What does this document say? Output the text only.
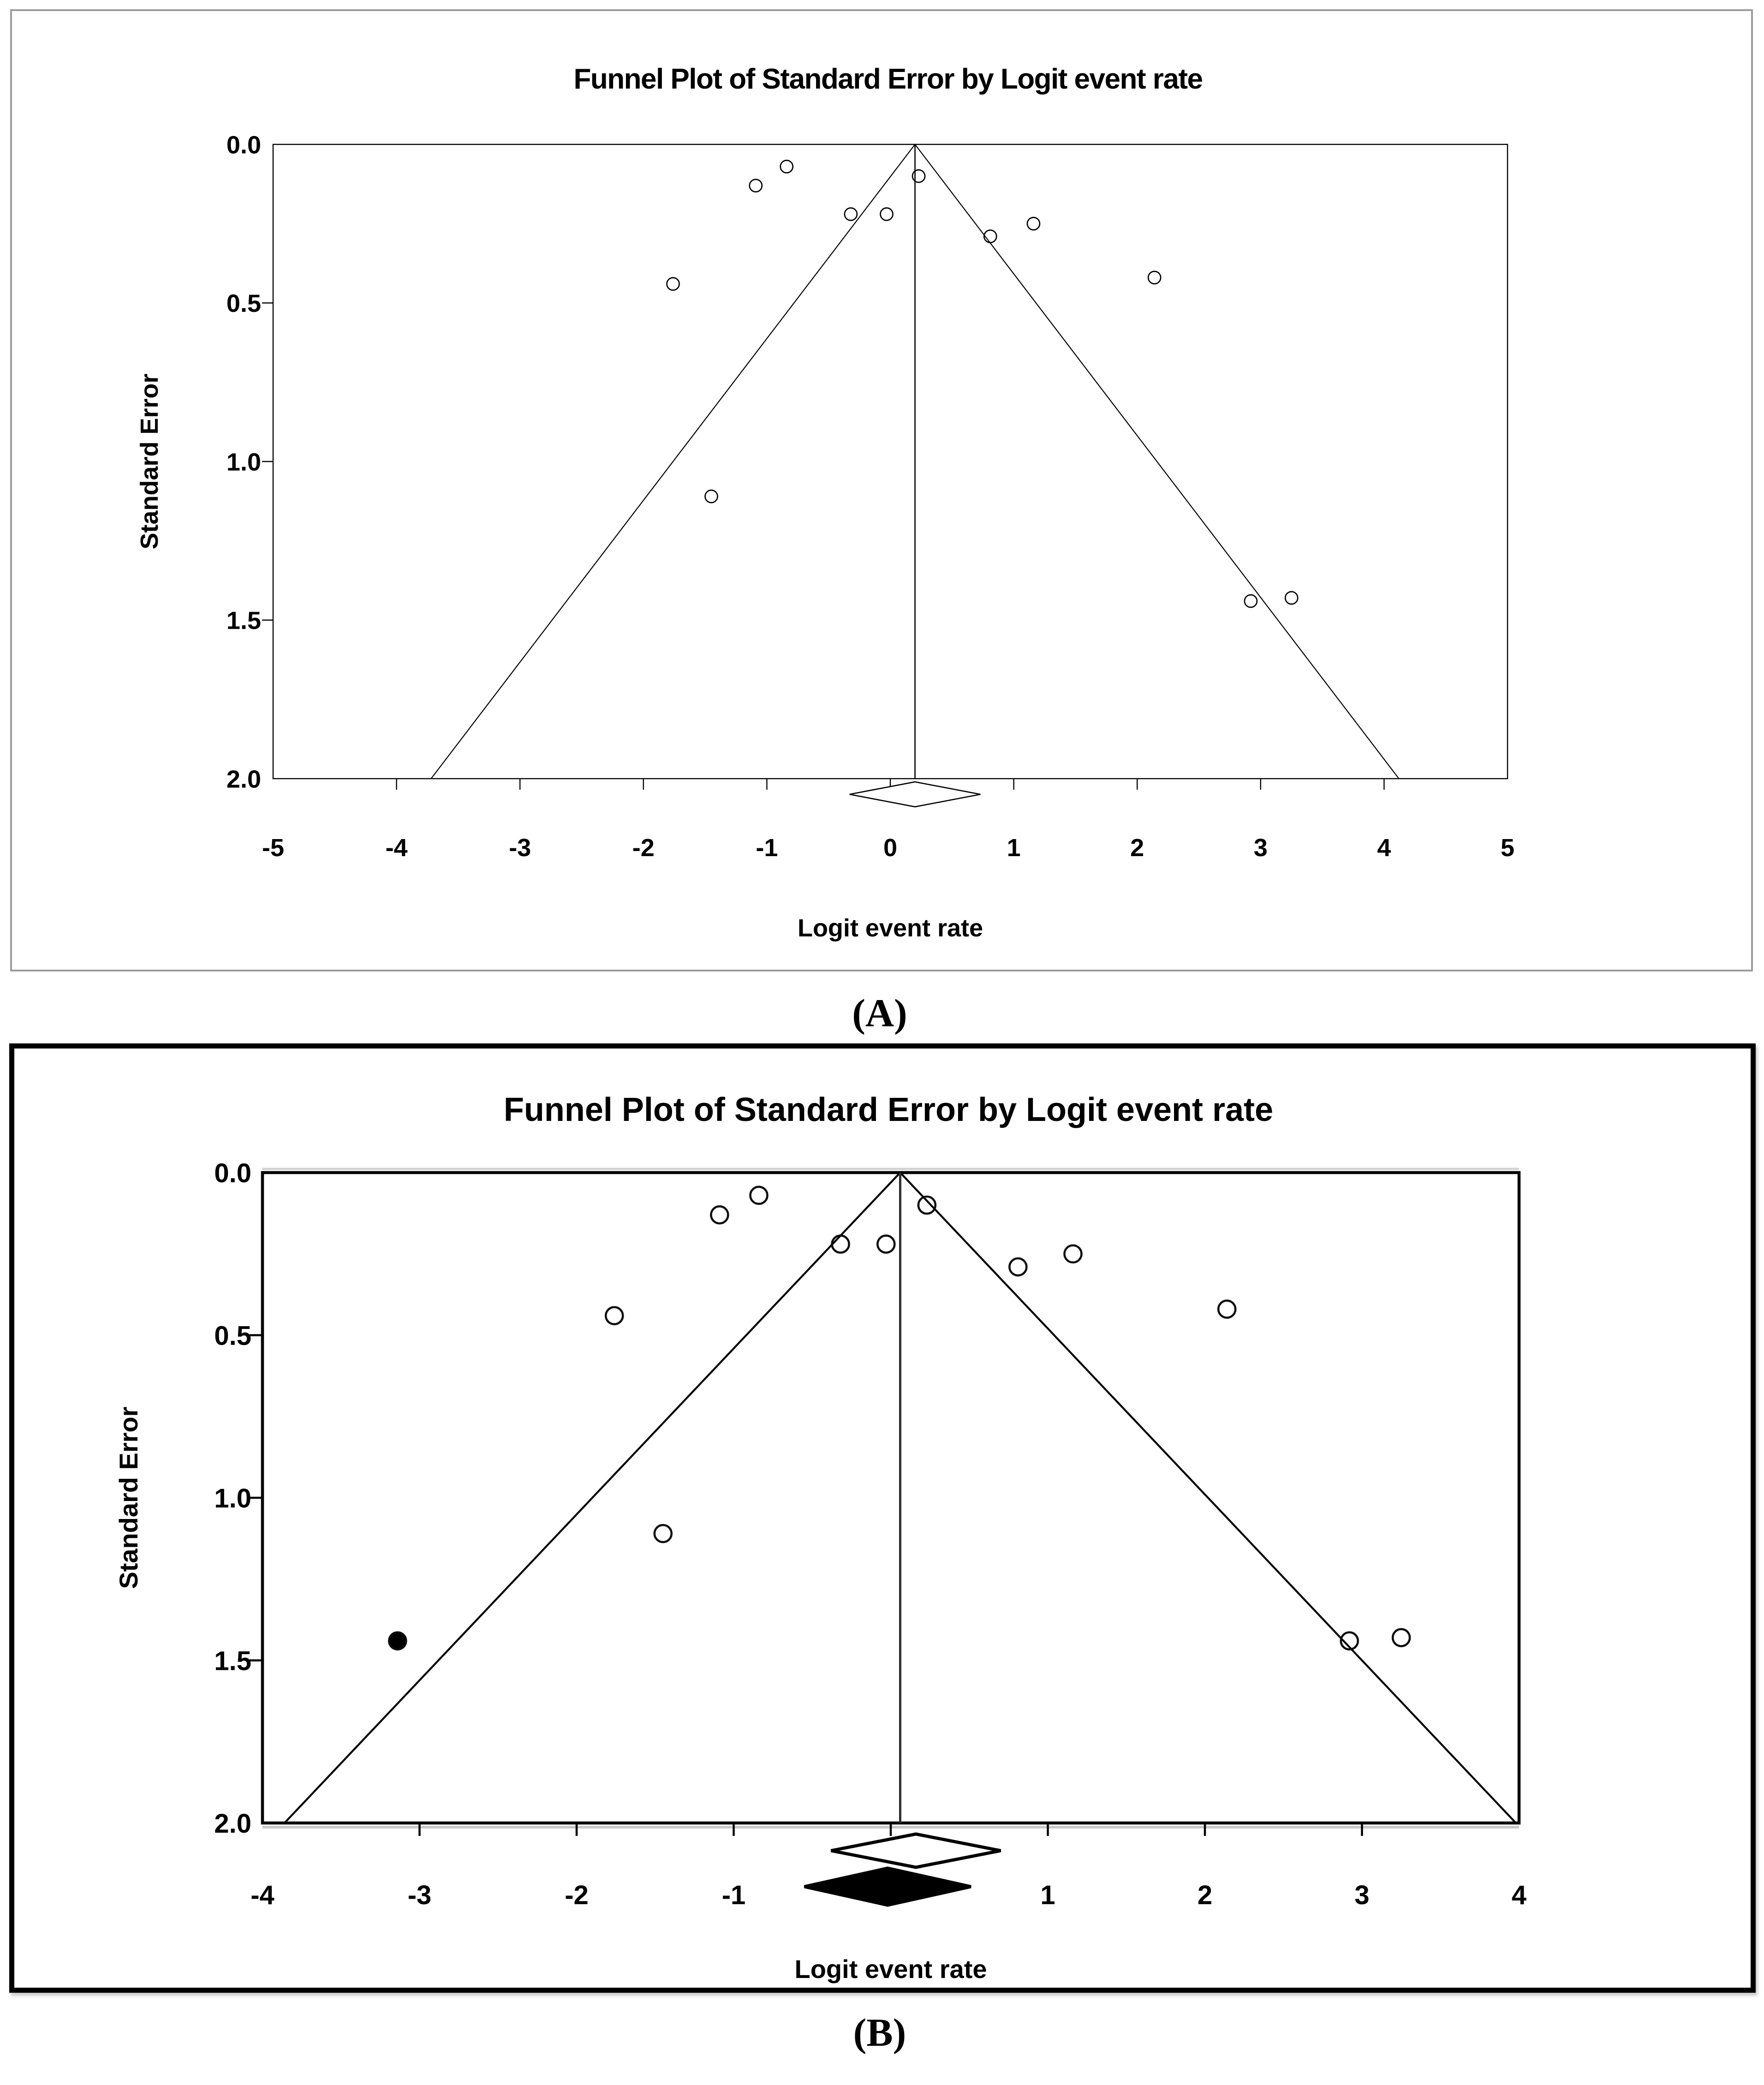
0.0
0.5
1.0
1.5
2.0
-5	-4	-3	-2	-1	0	1	2	3	4	5
Funnel Plot of Standard Error by Logit event rate
Logit event rate
Standard Error
0.0
0.5
1.0
1.5
2.0
-4	-3	-2	-1	1	2	3	4
Funnel Plot of Standard Error by Logit event rate
Logit event rate
Standard Error
(A)
(B)
